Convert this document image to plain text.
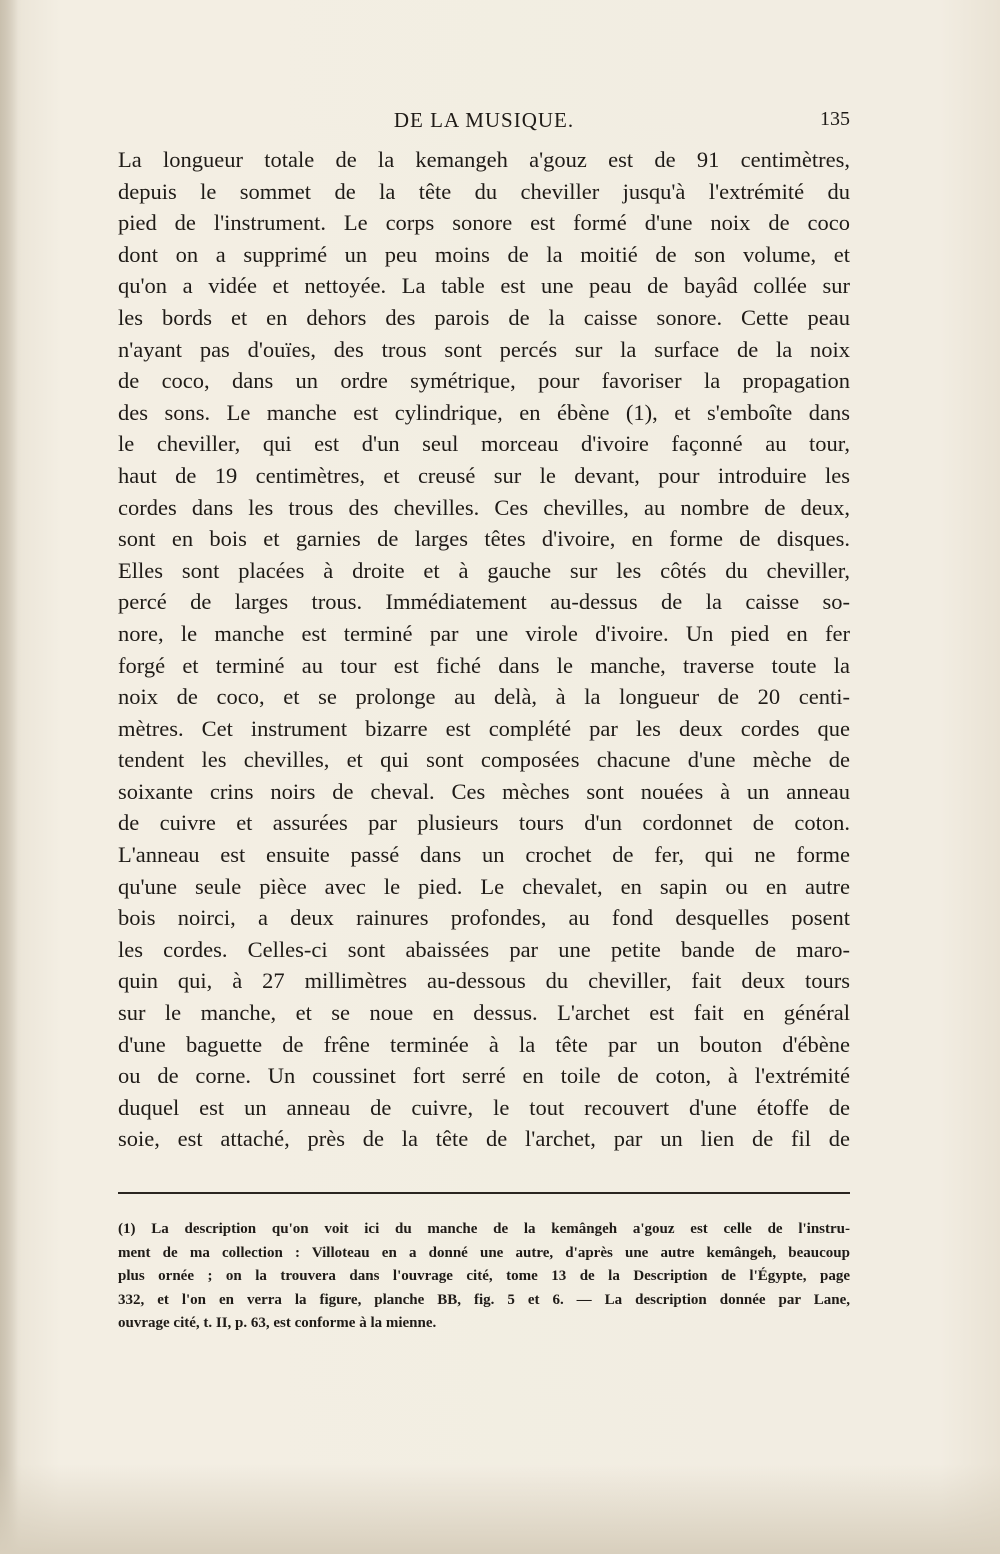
DE LA MUSIQUE.	135
La longueur totale de la kemangeh a'gouz est de 91 centimètres,
depuis le sommet de la tête du cheviller jusqu'à l'extrémité du
pied de l'instrument. Le corps sonore est formé d'une noix de coco
dont on a supprimé un peu moins de la moitié de son volume, et
qu'on a vidée et nettoyée. La table est une peau de bayâd collée sur
les bords et en dehors des parois de la caisse sonore. Cette peau
n'ayant pas d'ouïes, des trous sont percés sur la surface de la noix
de coco, dans un ordre symétrique, pour favoriser la propagation
des sons. Le manche est cylindrique, en ébène (1), et s'emboîte dans
le cheviller, qui est d'un seul morceau d'ivoire façonné au tour,
haut de 19 centimètres, et creusé sur le devant, pour introduire les
cordes dans les trous des chevilles. Ces chevilles, au nombre de deux,
sont en bois et garnies de larges têtes d'ivoire, en forme de disques.
Elles sont placées à droite et à gauche sur les côtés du cheviller,
percé de larges trous. Immédiatement au-dessus de la caisse so-
nore, le manche est terminé par une virole d'ivoire. Un pied en fer
forgé et terminé au tour est fiché dans le manche, traverse toute la
noix de coco, et se prolonge au delà, à la longueur de 20 centi-
mètres. Cet instrument bizarre est complété par les deux cordes que
tendent les chevilles, et qui sont composées chacune d'une mèche de
soixante crins noirs de cheval. Ces mèches sont nouées à un anneau
de cuivre et assurées par plusieurs tours d'un cordonnet de coton.
L'anneau est ensuite passé dans un crochet de fer, qui ne forme
qu'une seule pièce avec le pied. Le chevalet, en sapin ou en autre
bois noirci, a deux rainures profondes, au fond desquelles posent
les cordes. Celles-ci sont abaissées par une petite bande de maro-
quin qui, à 27 millimètres au-dessous du cheviller, fait deux tours
sur le manche, et se noue en dessus. L'archet est fait en général
d'une baguette de frêne terminée à la tête par un bouton d'ébène
ou de corne. Un coussinet fort serré en toile de coton, à l'extrémité
duquel est un anneau de cuivre, le tout recouvert d'une étoffe de
soie, est attaché, près de la tête de l'archet, par un lien de fil de
(1) La description qu'on voit ici du manche de la kemângeh a'gouz est celle de l'instru-
ment de ma collection : Villoteau en a donné une autre, d'après une autre kemângeh, beaucoup
plus ornée ; on la trouvera dans l'ouvrage cité, tome 13 de la Description de l'Égypte, page
332, et l'on en verra la figure, planche BB, fig. 5 et 6. — La description donnée par Lane,
ouvrage cité, t. II, p. 63, est conforme à la mienne.
